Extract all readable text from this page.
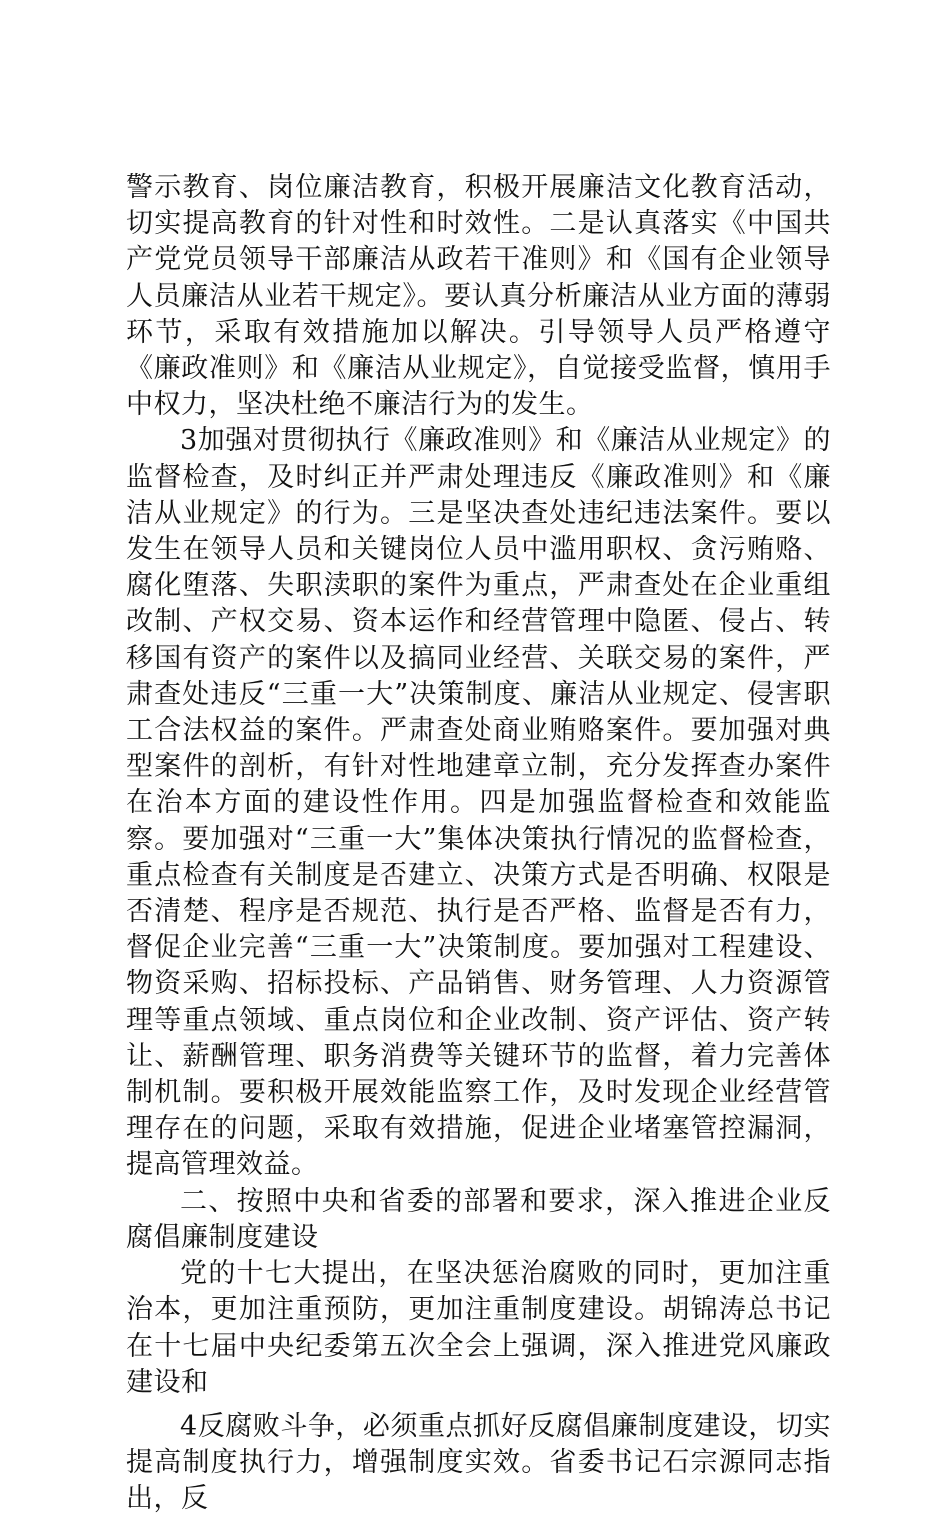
警示教育、岗位廉洁教育，积极开展廉洁文化教育活动，切实提高教育的针对性和时效性。二是认真落实《中国共产党党员领导干部廉洁从政若干准则》和《国有企业领导人员廉洁从业若干规定》。要认真分析廉洁从业方面的薄弱环节，采取有效措施加以解决。引导领导人员严格遵守《廉政准则》和《廉洁从业规定》，自觉接受监督，慎用手中权力，坚决杜绝不廉洁行为的发生。

3加强对贯彻执行《廉政准则》和《廉洁从业规定》的监督检查，及时纠正并严肃处理违反《廉政准则》和《廉洁从业规定》的行为。三是坚决查处违纪违法案件。要以发生在领导人员和关键岗位人员中滥用职权、贪污贿赂、腐化堕落、失职渎职的案件为重点，严肃查处在企业重组改制、产权交易、资本运作和经营管理中隐匿、侵占、转移国有资产的案件以及搞同业经营、关联交易的案件，严肃查处违反“三重一大”决策制度、廉洁从业规定、侵害职工合法权益的案件。严肃查处商业贿赂案件。要加强对典型案件的剖析，有针对性地建章立制，充分发挥查办案件在治本方面的建设性作用。四是加强监督检查和效能监察。要加强对“三重一大”集体决策执行情况的监督检查，重点检查有关制度是否建立、决策方式是否明确、权限是否清楚、程序是否规范、执行是否严格、监督是否有力，督促企业完善“三重一大”决策制度。要加强对工程建设、物资采购、招标投标、产品销售、财务管理、人力资源管理等重点领域、重点岗位和企业改制、资产评估、资产转让、薪酬管理、职务消费等关键环节的监督，着力完善体制机制。要积极开展效能监察工作，及时发现企业经营管理存在的问题，采取有效措施，促进企业堵塞管控漏洞，提高管理效益。

二、按照中央和省委的部署和要求，深入推进企业反腐倡廉制度建设

党的十七大提出，在坚决惩治腐败的同时，更加注重治本，更加注重预防，更加注重制度建设。胡锦涛总书记在十七届中央纪委第五次全会上强调，深入推进党风廉政建设和

4反腐败斗争，必须重点抓好反腐倡廉制度建设，切实提高制度执行力，增强制度实效。省委书记石宗源同志指出，反
